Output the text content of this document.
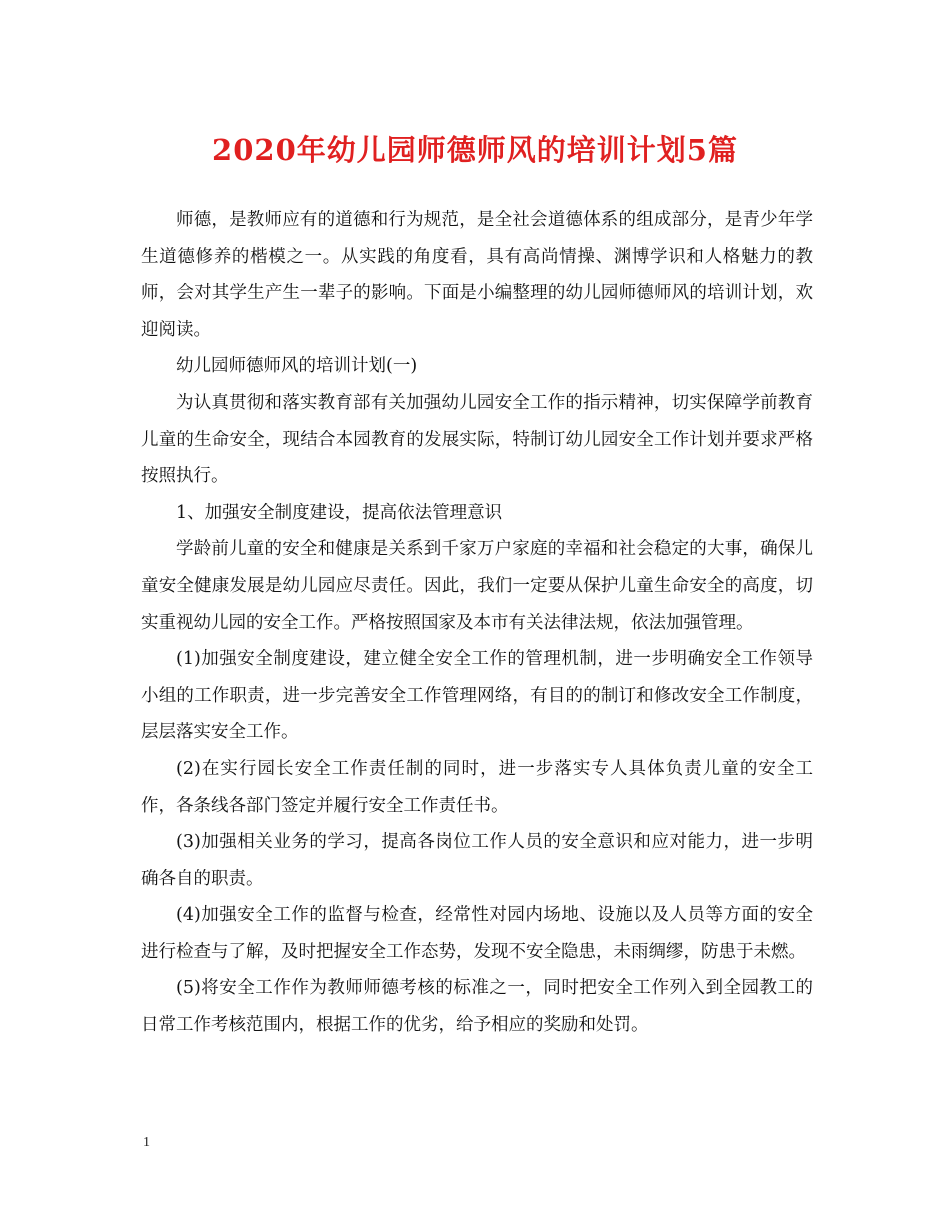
2020年幼儿园师德师风的培训计划5篇

师德，是教师应有的道德和行为规范，是全社会道德体系的组成部分，是青少年学生道德修养的楷模之一。从实践的角度看，具有高尚情操、渊博学识和人格魅力的教师，会对其学生产生一辈子的影响。下面是小编整理的幼儿园师德师风的培训计划，欢迎阅读。

幼儿园师德师风的培训计划(一)

为认真贯彻和落实教育部有关加强幼儿园安全工作的指示精神，切实保障学前教育儿童的生命安全，现结合本园教育的发展实际，特制订幼儿园安全工作计划并要求严格按照执行。

1、加强安全制度建设，提高依法管理意识

学龄前儿童的安全和健康是关系到千家万户家庭的幸福和社会稳定的大事，确保儿童安全健康发展是幼儿园应尽责任。因此，我们一定要从保护儿童生命安全的高度，切实重视幼儿园的安全工作。严格按照国家及本市有关法律法规，依法加强管理。

(1)加强安全制度建设，建立健全安全工作的管理机制，进一步明确安全工作领导小组的工作职责，进一步完善安全工作管理网络，有目的的制订和修改安全工作制度，层层落实安全工作。

(2)在实行园长安全工作责任制的同时，进一步落实专人具体负责儿童的安全工作，各条线各部门签定并履行安全工作责任书。

(3)加强相关业务的学习，提高各岗位工作人员的安全意识和应对能力，进一步明确各自的职责。

(4)加强安全工作的监督与检查，经常性对园内场地、设施以及人员等方面的安全进行检查与了解，及时把握安全工作态势，发现不安全隐患，未雨绸缪，防患于未燃。

(5)将安全工作作为教师师德考核的标准之一，同时把安全工作列入到全园教工的日常工作考核范围内，根据工作的优劣，给予相应的奖励和处罚。

1
